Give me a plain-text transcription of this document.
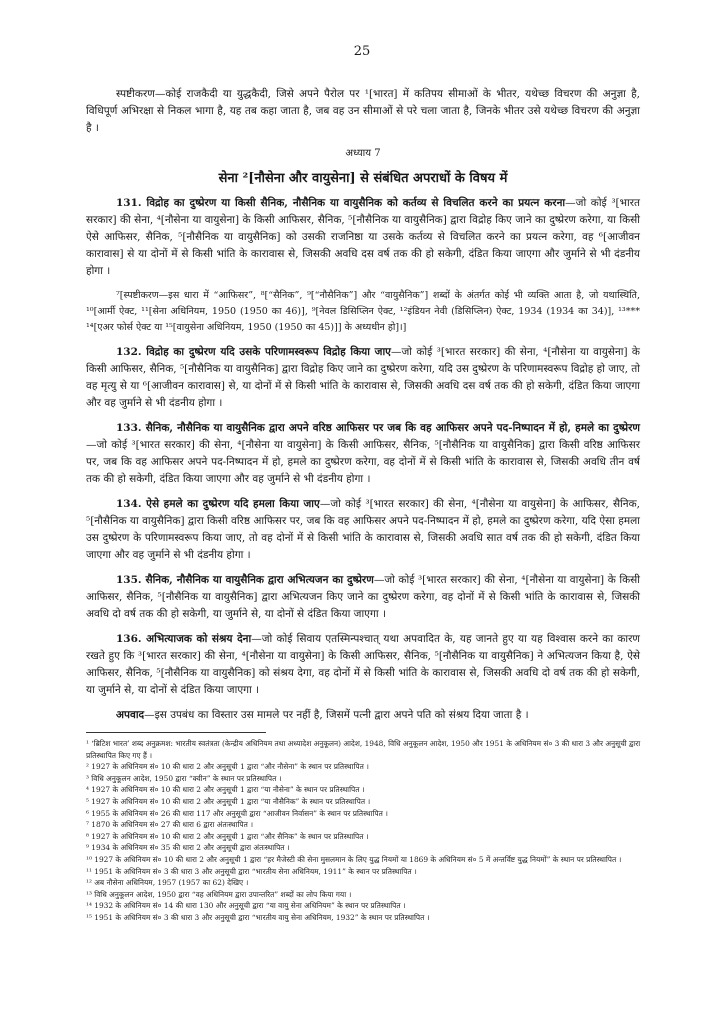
25

स्पष्टीकरण—कोई राजकैदी या युद्धकैदी, जिसे अपने पैरोल पर ¹[भारत] में कतिपय सीमाओं के भीतर, यथेच्छ विचरण की अनुज्ञा है, विधिपूर्ण अभिरक्षा से निकल भागा है, यह तब कहा जाता है, जब वह उन सीमाओं से परे चला जाता है, जिनके भीतर उसे यथेच्छ विचरण की अनुज्ञा है ।

अध्याय 7

सेना ²[नौसेना और वायुसेना] से संबंधित अपराधों के विषय में

131. विद्रोह का दुष्प्रेरण या किसी सैनिक, नौसैनिक या वायुसैनिक को कर्तव्य से विचलित करने का प्रयत्न करना—जो कोई ³[भारत सरकार] की सेना, ⁴[नौसेना या वायुसेना] के किसी आफिसर, सैनिक, ⁵[नौसैनिक या वायुसैनिक] द्वारा विद्रोह किए जाने का दुष्प्रेरण करेगा, या किसी ऐसे आफिसर, सैनिक, ⁵[नौसैनिक या वायुसैनिक] को उसकी राजनिष्ठा या उसके कर्तव्य से विचलित करने का प्रयत्न करेगा, वह ⁶[आजीवन कारावास] से या दोनों में से किसी भांति के कारावास से, जिसकी अवधि दस वर्ष तक की हो सकेगी, दंडित किया जाएगा और जुर्माने से भी दंडनीय होगा ।

⁷[स्पष्टीकरण—इस धारा में “आफिसर”, ⁸[“सैनिक”, ⁹[“नौसैनिक”] और “वायुसैनिक”] शब्दों के अंतर्गत कोई भी व्यक्ति आता है, जो यथास्थिति, ¹⁰[आर्मी ऐक्ट, ¹¹[सेना अधिनियम, 1950 (1950 का 46)], ⁹[नेवल डिसिप्लिन ऐक्ट, ¹²इंडियन नेवी (डिसिप्लिन) ऐक्ट, 1934 (1934 का 34)], ¹³*** ¹⁴[एअर फोर्स ऐक्ट या ¹⁵[वायुसेना अधिनियम, 1950 (1950 का 45)]] के अध्यधीन हो]।]

132. विद्रोह का दुष्प्रेरण यदि उसके परिणामस्वरूप विद्रोह किया जाए—जो कोई ³[भारत सरकार] की सेना, ⁴[नौसेना या वायुसेना] के किसी आफिसर, सैनिक, ⁵[नौसैनिक या वायुसैनिक] द्वारा विद्रोह किए जाने का दुष्प्रेरण करेगा, यदि उस दुष्प्रेरण के परिणामस्वरूप विद्रोह हो जाए, तो वह मृत्यु से या ⁶[आजीवन कारावास] से, या दोनों में से किसी भांति के कारावास से, जिसकी अवधि दस वर्ष तक की हो सकेगी, दंडित किया जाएगा और वह जुर्माने से भी दंडनीय होगा ।

133. सैनिक, नौसैनिक या वायुसैनिक द्वारा अपने वरिष्ठ आफिसर पर जब कि वह आफिसर अपने पद-निष्पादन में हो, हमले का दुष्प्रेरण—जो कोई ³[भारत सरकार] की सेना, ⁴[नौसेना या वायुसेना] के किसी आफिसर, सैनिक, ⁵[नौसैनिक या वायुसैनिक] द्वारा किसी वरिष्ठ आफिसर पर, जब कि वह आफिसर अपने पद-निष्पादन में हो, हमले का दुष्प्रेरण करेगा, वह दोनों में से किसी भांति के कारावास से, जिसकी अवधि तीन वर्ष तक की हो सकेगी, दंडित किया जाएगा और वह जुर्माने से भी दंडनीय होगा ।

134. ऐसे हमले का दुष्प्रेरण यदि हमला किया जाए—जो कोई ³[भारत सरकार] की सेना, ⁴[नौसेना या वायुसेना] के आफिसर, सैनिक, ⁵[नौसैनिक या वायुसैनिक] द्वारा किसी वरिष्ठ आफिसर पर, जब कि वह आफिसर अपने पद-निष्पादन में हो, हमले का दुष्प्रेरण करेगा, यदि ऐसा हमला उस दुष्प्रेरण के परिणामस्वरूप किया जाए, तो वह दोनों में से किसी भांति के कारावास से, जिसकी अवधि सात वर्ष तक की हो सकेगी, दंडित किया जाएगा और वह जुर्माने से भी दंडनीय होगा ।

135. सैनिक, नौसैनिक या वायुसैनिक द्वारा अभित्यजन का दुष्प्रेरण—जो कोई ³[भारत सरकार] की सेना, ⁴[नौसेना या वायुसेना] के किसी आफिसर, सैनिक, ⁵[नौसैनिक या वायुसैनिक] द्वारा अभित्यजन किए जाने का दुष्प्रेरण करेगा, वह दोनों में से किसी भांति के कारावास से, जिसकी अवधि दो वर्ष तक की हो सकेगी, या जुर्माने से, या दोनों से दंडित किया जाएगा ।

136. अभित्याजक को संश्रय देना—जो कोई सिवाय एतस्मिन्पश्चात् यथा अपवादित के, यह जानते हुए या यह विश्वास करने का कारण रखते हुए कि ³[भारत सरकार] की सेना, ⁴[नौसेना या वायुसेना] के किसी आफिसर, सैनिक, ⁵[नौसैनिक या वायुसैनिक] ने अभित्यजन किया है, ऐसे आफिसर, सैनिक, ⁵[नौसैनिक या वायुसैनिक] को संश्रय देगा, वह दोनों में से किसी भांति के कारावास से, जिसकी अवधि दो वर्ष तक की हो सकेगी, या जुर्माने से, या दोनों से दंडित किया जाएगा ।

अपवाद—इस उपबंध का विस्तार उस मामले पर नहीं है, जिसमें पत्नी द्वारा अपने पति को संश्रय दिया जाता है ।

¹ ‘ब्रिटिश भारत’ शब्द अनुक्रमश: भारतीय स्वतंत्रता (केन्द्रीय अधिनियम तथा अध्यादेश अनुकूलन) आदेश, 1948, विधि अनुकूलन आदेश, 1950 और 1951 के अधिनियम सं० 3 की धारा 3 और अनुसूची द्वारा प्रतिस्थापित किए गए हैं ।
² 1927 के अधिनियम सं० 10 की धारा 2 और अनुसूची 1 द्वारा “और नौसेना” के स्थान पर प्रतिस्थापित ।
³ विधि अनुकूलन आदेश, 1950 द्वारा “क्वीन” के स्थान पर प्रतिस्थापित ।
⁴ 1927 के अधिनियम सं० 10 की धारा 2 और अनुसूची 1 द्वारा “या नौसेना” के स्थान पर प्रतिस्थापित ।
⁵ 1927 के अधिनियम सं० 10 की धारा 2 और अनुसूची 1 द्वारा “या नौसैनिक” के स्थान पर प्रतिस्थापित ।
⁶ 1955 के अधिनियम सं० 26 की धारा 117 और अनुसूची द्वारा “आजीवन निर्वासन” के स्थान पर प्रतिस्थापित ।
⁷ 1870 के अधिनियम सं० 27 की धारा 6 द्वारा अंतःस्थापित ।
⁸ 1927 के अधिनियम सं० 10 की धारा 2 और अनुसूची 1 द्वारा “और सैनिक” के स्थान पर प्रतिस्थापित ।
⁹ 1934 के अधिनियम सं० 35 की धारा 2 और अनुसूची द्वारा अंतःस्थापित ।
¹⁰ 1927 के अधिनियम सं० 10 की धारा 2 और अनुसूची 1 द्वारा “हर मैजेस्टी की सेना मुसलमान के लिए युद्ध नियमों या 1869 के अधिनियम सं० 5 में अन्तर्विष्ट युद्ध नियमों” के स्थान पर प्रतिस्थापित ।
¹¹ 1951 के अधिनियम सं० 3 की धारा 3 और अनुसूची द्वारा “भारतीय सेना अधिनियम, 1911” के स्थान पर प्रतिस्थापित ।
¹² अब नौसेना अधिनियम, 1957 (1957 का 62) देखिए ।
¹³ विधि अनुकूलन आदेश, 1950 द्वारा “वह अधिनियम द्वारा उपान्तरित” शब्दों का लोप किया गया ।
¹⁴ 1932 के अधिनियम सं० 14 की धारा 130 और अनुसूची द्वारा “या वायु सेना अधिनियम” के स्थान पर प्रतिस्थापित ।
¹⁵ 1951 के अधिनियम सं० 3 की धारा 3 और अनुसूची द्वारा “भारतीय वायु सेना अधिनियम, 1932” के स्थान पर प्रतिस्थापित ।
